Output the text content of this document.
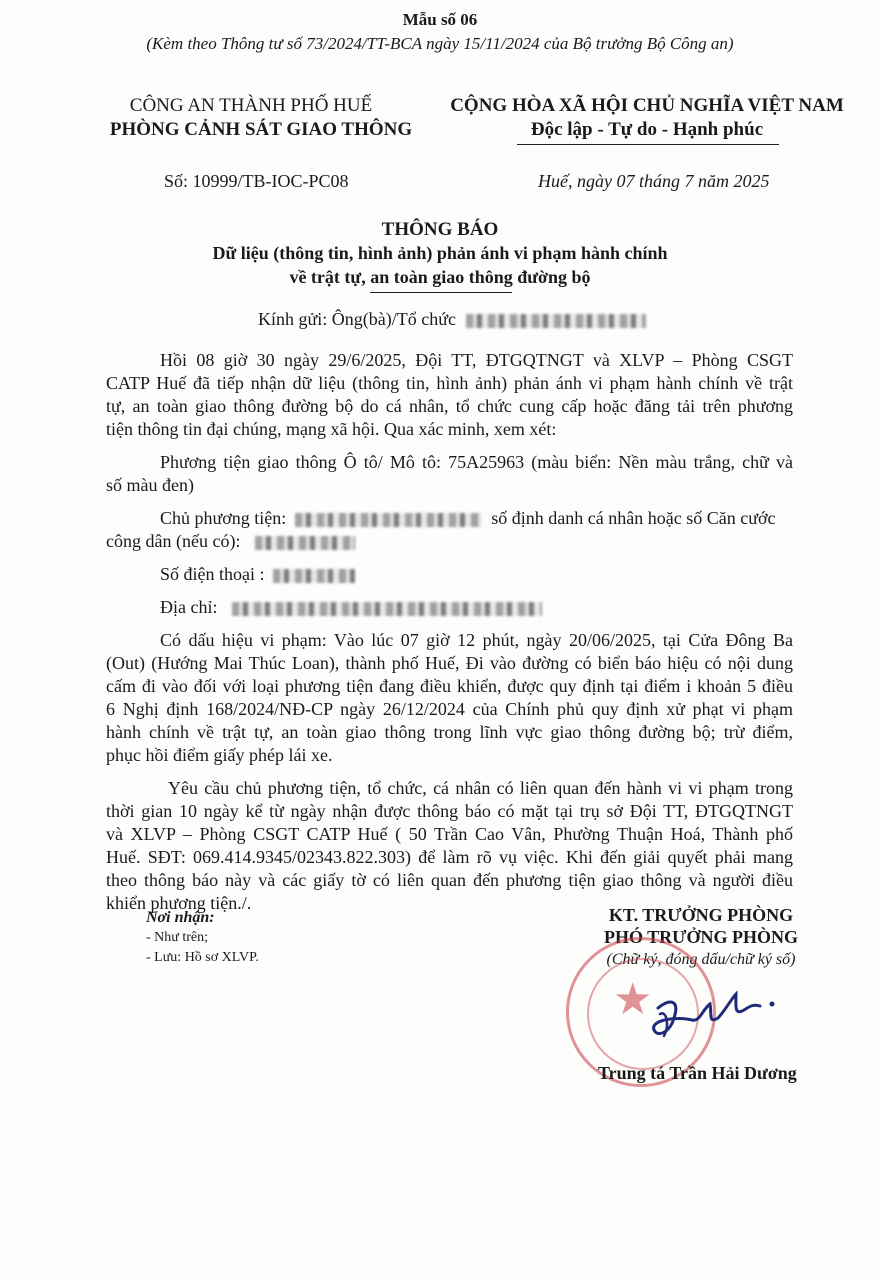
Mẫu số 06
(Kèm theo Thông tư số 73/2024/TT-BCA ngày 15/11/2024 của Bộ trưởng Bộ Công an)
CÔNG AN THÀNH PHỐ HUẾ
PHÒNG CẢNH SÁT GIAO THÔNG
CỘNG HÒA XÃ HỘI CHỦ NGHĨA VIỆT NAM
Độc lập - Tự do - Hạnh phúc
Số: 10999/TB-IOC-PC08	Huế, ngày 07 tháng 7 năm 2025
THÔNG BÁO
Dữ liệu (thông tin, hình ảnh) phản ánh vi phạm hành chính
về trật tự, an toàn giao thông đường bộ
Kính gửi: Ông(bà)/Tổ chức
Hồi 08 giờ 30 ngày 29/6/2025, Đội TT, ĐTGQTNGT và XLVP – Phòng CSGT
CATP Huế đã tiếp nhận dữ liệu (thông tin, hình ảnh) phản ánh vi phạm hành chính về trật
tự, an toàn giao thông đường bộ do cá nhân, tổ chức cung cấp hoặc đăng tải trên phương
tiện thông tin đại chúng, mạng xã hội. Qua xác minh, xem xét:
Phương tiện giao thông Ô tô/ Mô tô: 75A25963 (màu biển: Nền màu trắng, chữ và
số màu đen)
Chủ phương tiện:	số định danh cá nhân hoặc số Căn cước
công dân (nếu có):
Số điện thoại :
Địa chỉ:
Có dấu hiệu vi phạm: Vào lúc 07 giờ 12 phút, ngày 20/06/2025, tại Cửa Đông Ba
(Out) (Hướng Mai Thúc Loan), thành phố Huế, Đi vào đường có biển báo hiệu có nội dung
cấm đi vào đối với loại phương tiện đang điều khiển, được quy định tại điểm i khoản 5 điều
6 Nghị định 168/2024/NĐ-CP ngày 26/12/2024 của Chính phủ quy định xử phạt vi phạm
hành chính về trật tự, an toàn giao thông trong lĩnh vực giao thông đường bộ; trừ điểm,
phục hồi điểm giấy phép lái xe.
Yêu cầu chủ phương tiện, tổ chức, cá nhân có liên quan đến hành vi vi phạm trong
thời gian 10 ngày kể từ ngày nhận được thông báo có mặt tại trụ sở Đội TT, ĐTGQTNGT
và XLVP – Phòng CSGT CATP Huế ( 50 Trần Cao Vân, Phường Thuận Hoá, Thành phố
Huế. SĐT: 069.414.9345/02343.822.303) để làm rõ vụ việc. Khi đến giải quyết phải mang
theo thông báo này và các giấy tờ có liên quan đến phương tiện giao thông và người điều
khiển phương tiện./.
Nơi nhận:
- Như trên;
- Lưu: Hồ sơ XLVP.
KT. TRƯỞNG PHÒNG
PHÓ TRƯỞNG PHÒNG
(Chữ ký, đóng dấu/chữ ký số)
★
Trung tá Trần Hải Dương
